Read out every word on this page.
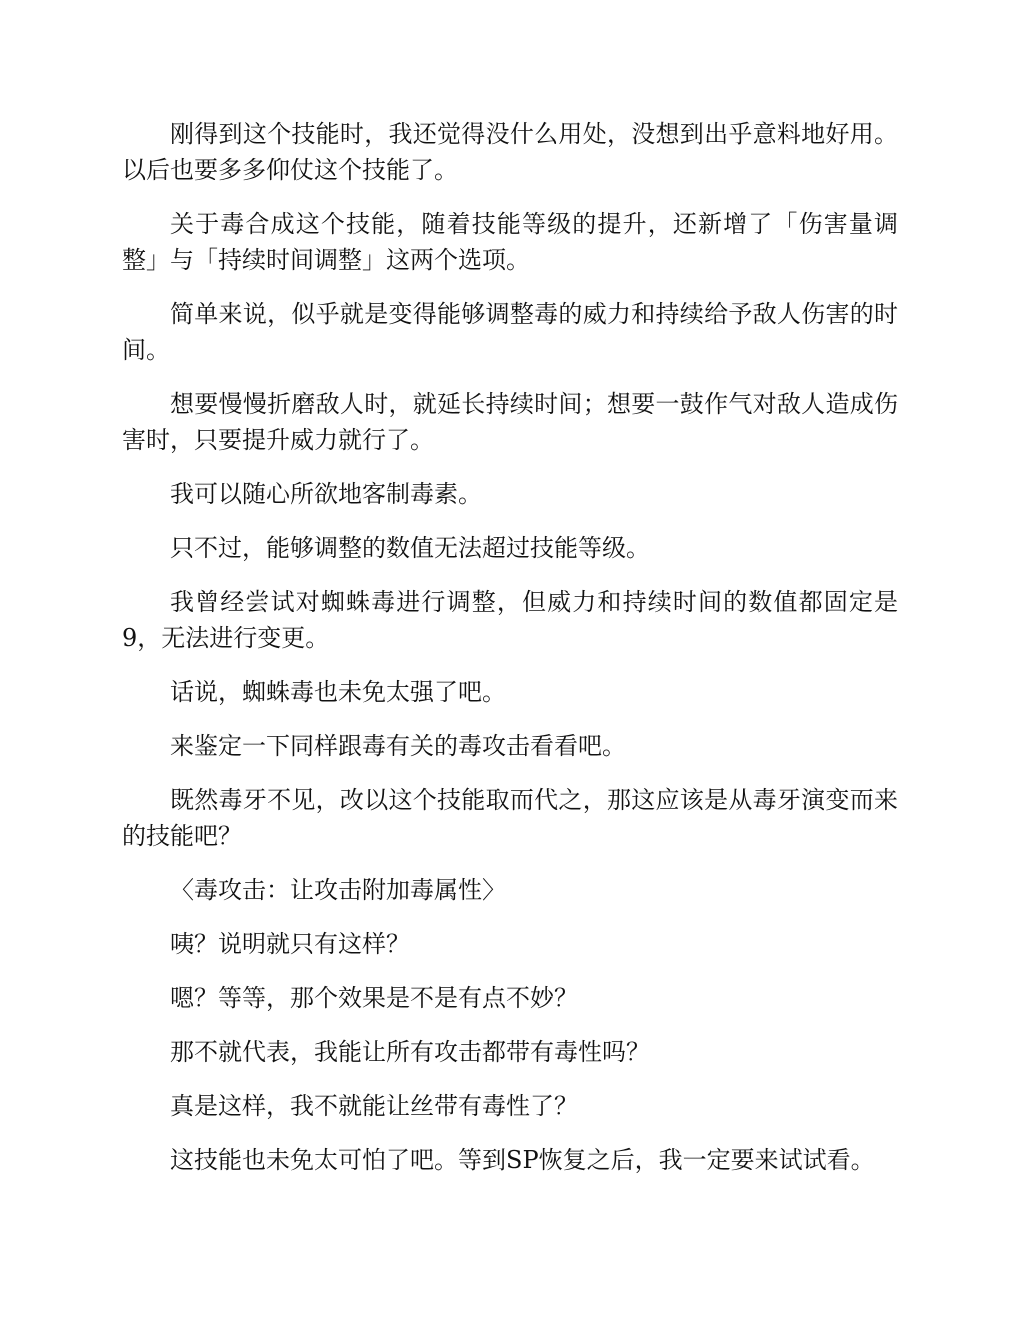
刚得到这个技能时，我还觉得没什么用处，没想到出乎意料地好用。以后也要多多仰仗这个技能了。

关于毒合成这个技能，随着技能等级的提升，还新增了「伤害量调整」与「持续时间调整」这两个选项。

简单来说，似乎就是变得能够调整毒的威力和持续给予敌人伤害的时间。

想要慢慢折磨敌人时，就延长持续时间；想要一鼓作气对敌人造成伤害时，只要提升威力就行了。

我可以随心所欲地客制毒素。

只不过，能够调整的数值无法超过技能等级。

我曾经尝试对蜘蛛毒进行调整，但威力和持续时间的数值都固定是9，无法进行变更。

话说，蜘蛛毒也未免太强了吧。

来鉴定一下同样跟毒有关的毒攻击看看吧。

既然毒牙不见，改以这个技能取而代之，那这应该是从毒牙演变而来的技能吧？

〈毒攻击：让攻击附加毒属性〉

咦？说明就只有这样？

嗯？等等，那个效果是不是有点不妙？

那不就代表，我能让所有攻击都带有毒性吗？

真是这样，我不就能让丝带有毒性了？

这技能也未免太可怕了吧。等到SP恢复之后，我一定要来试试看。
